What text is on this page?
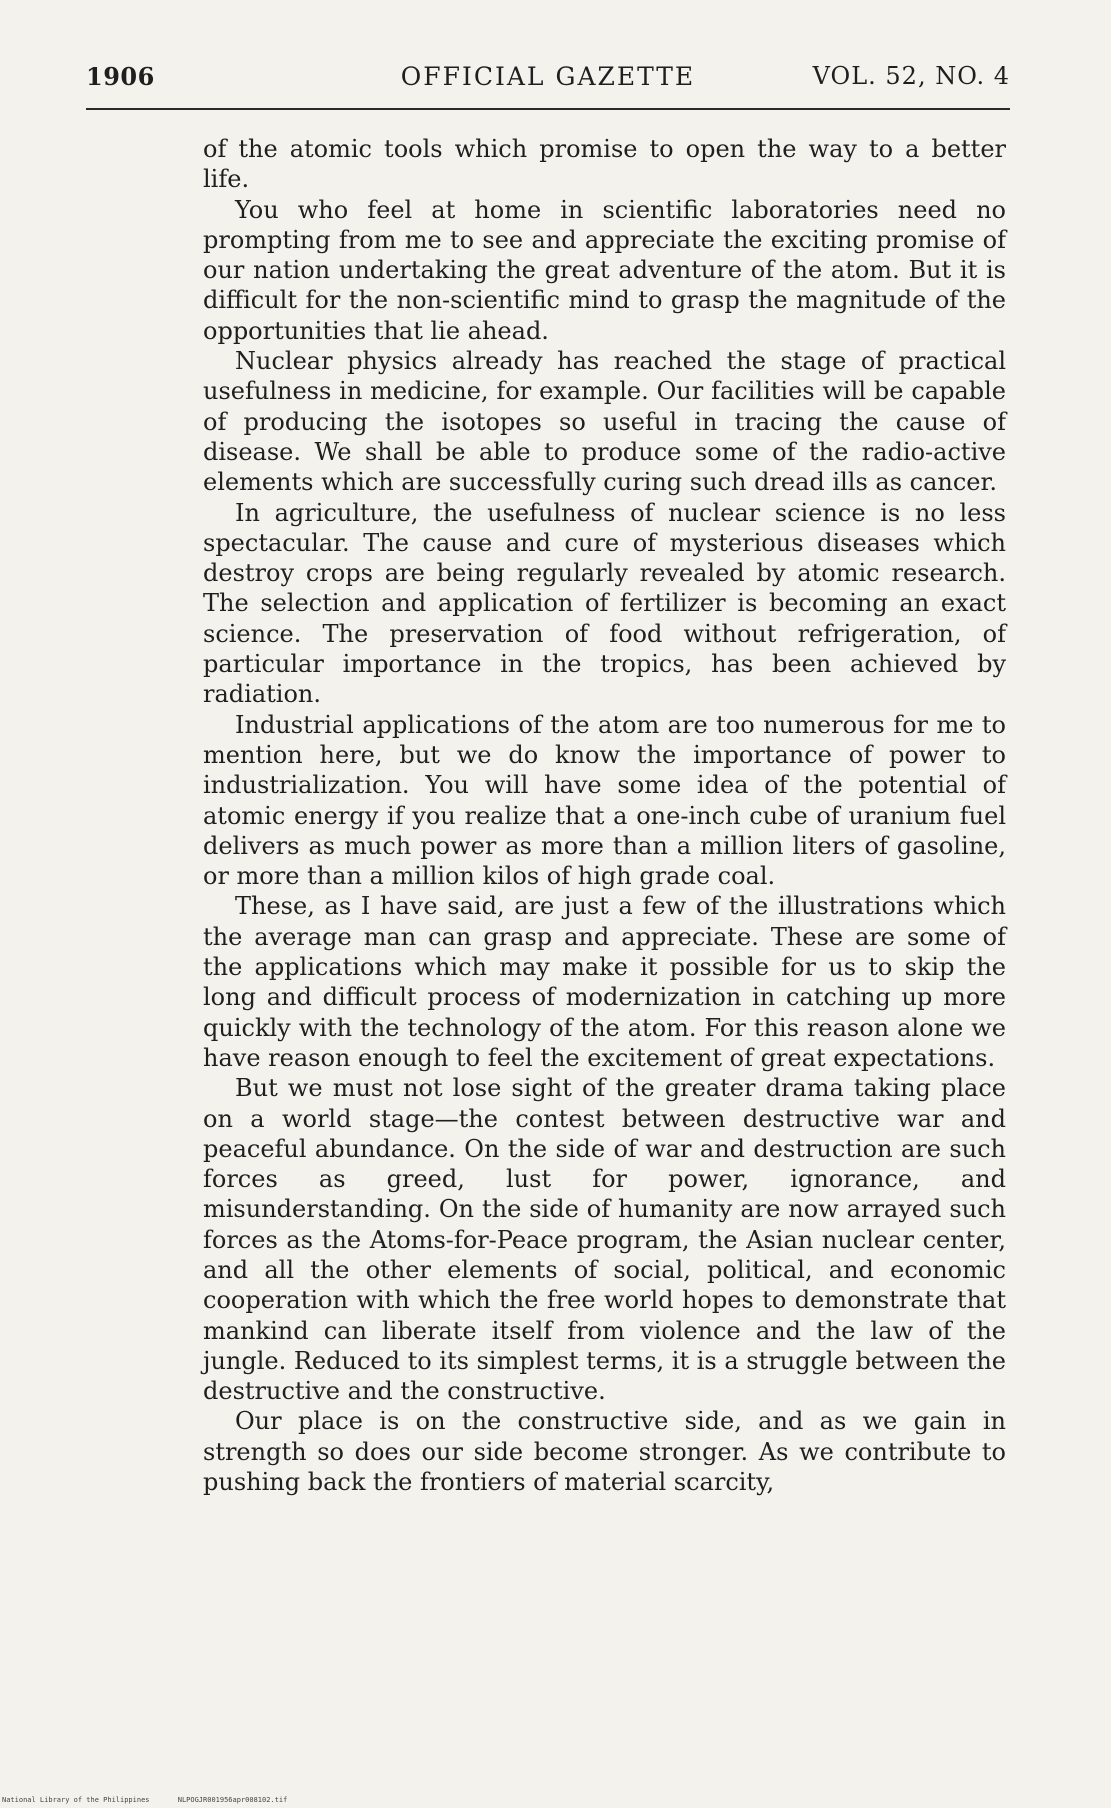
1906	OFFICIAL GAZETTE	VOL. 52, NO. 4

of the atomic tools which promise to open the way to a better life.

You who feel at home in scientific laboratories need no prompting from me to see and appreciate the exciting promise of our nation undertaking the great adventure of the atom. But it is difficult for the non-scientific mind to grasp the magnitude of the opportunities that lie ahead.

Nuclear physics already has reached the stage of practical usefulness in medicine, for example. Our facilities will be capable of producing the isotopes so useful in tracing the cause of disease. We shall be able to produce some of the radio-active elements which are successfully curing such dread ills as cancer.

In agriculture, the usefulness of nuclear science is no less spectacular. The cause and cure of mysterious diseases which destroy crops are being regularly revealed by atomic research. The selection and application of fertilizer is becoming an exact science. The preservation of food without refrigeration, of particular importance in the tropics, has been achieved by radiation.

Industrial applications of the atom are too numerous for me to mention here, but we do know the importance of power to industrialization. You will have some idea of the potential of atomic energy if you realize that a one-inch cube of uranium fuel delivers as much power as more than a million liters of gasoline, or more than a million kilos of high grade coal.

These, as I have said, are just a few of the illustrations which the average man can grasp and appreciate. These are some of the applications which may make it possible for us to skip the long and difficult process of modernization in catching up more quickly with the technology of the atom. For this reason alone we have reason enough to feel the excitement of great expectations.

But we must not lose sight of the greater drama taking place on a world stage—the contest between destructive war and peaceful abundance. On the side of war and destruction are such forces as greed, lust for power, ignorance, and misunderstanding. On the side of humanity are now arrayed such forces as the Atoms-for-Peace program, the Asian nuclear center, and all the other elements of social, political, and economic cooperation with which the free world hopes to demonstrate that mankind can liberate itself from violence and the law of the jungle. Reduced to its simplest terms, it is a struggle between the destructive and the constructive.

Our place is on the constructive side, and as we gain in strength so does our side become stronger. As we contribute to pushing back the frontiers of material scarcity,

National Library of the Philippines	NLPOGJR001956apr008102.tif
